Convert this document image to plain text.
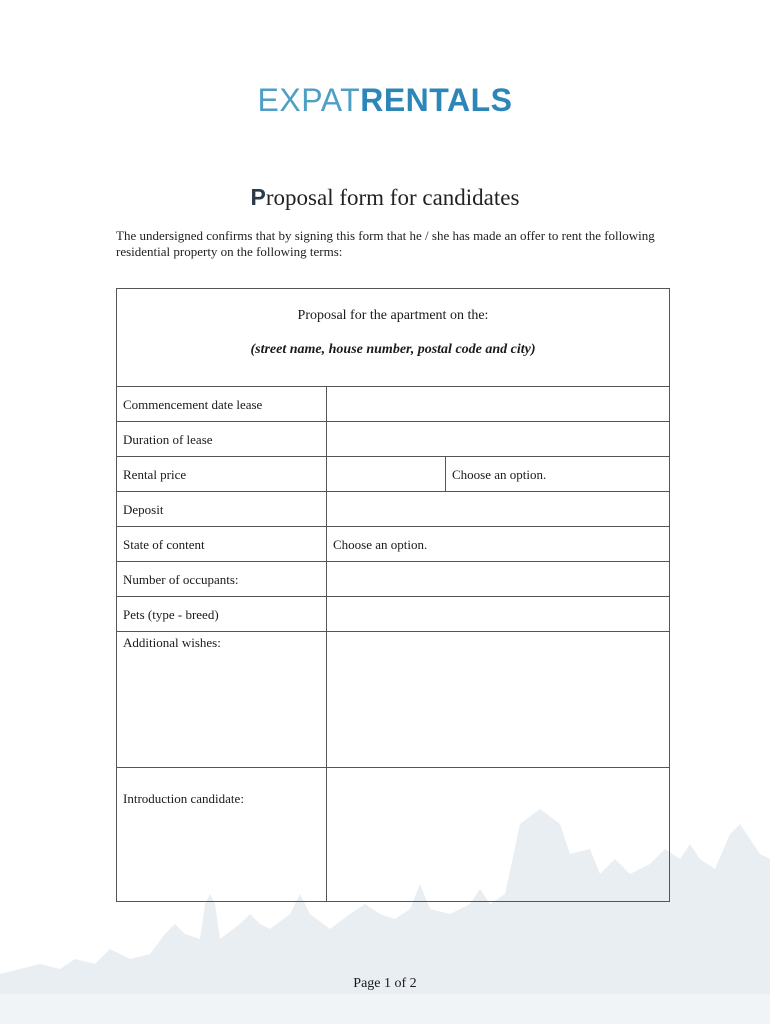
EXPATRENTALS
Proposal form for candidates
The undersigned confirms that by signing this form that he / she has made an offer to rent the following residential property on the following terms:
Proposal for the apartment on the:
(street name, house number, postal code and city)
Commencement date lease
Duration of lease
Rental price	Choose an option.
Deposit
State of content	Choose an option.
Number of occupants:
Pets (type - breed)
Additional wishes:
Introduction candidate:
Page 1 of 2
